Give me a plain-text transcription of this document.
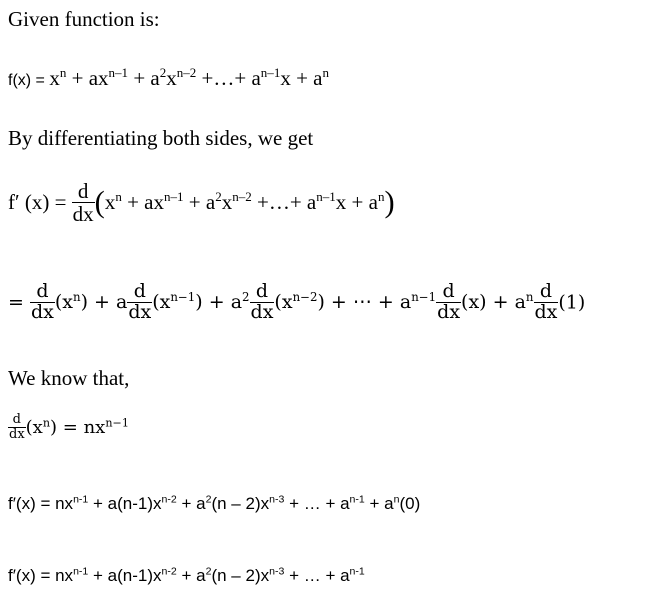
Given function is:
$f(x) = x^n + ax^{n-1} + a^2x^{n-2}$ +…+ $a^{n-1}x + a^n$
By differentiating both sides, we get
f′ $(x) = \frac{d}{dx} (x^n + ax^{n-1} + a^2x^{n-2}$ +…+ $a^{n-1}x + a^n$)
= $\frac{d}{dx} (x^n) + a \frac{d}{dx} (x^{n-1}) + a^2 \frac{d}{dx} (x^{n-2})$ + ⋯ + $a^{n-1} \frac{d}{dx} (x) + a^n \frac{d}{dx} (1)$
We know that,
$\frac{d}{dx} (x^n) = nx^{n-1}$
$f'(x) = nx^{n-1} + a(n-1)x^{n-2} + a^2(n - 2)x^{n-3}$ + … + $a^{n-1} + a^n(0)$
$f'(x) = nx^{n-1} + a(n-1)x^{n-2} + a^2(n - 2)x^{n-3}$ + … + $a^{n-1}$
